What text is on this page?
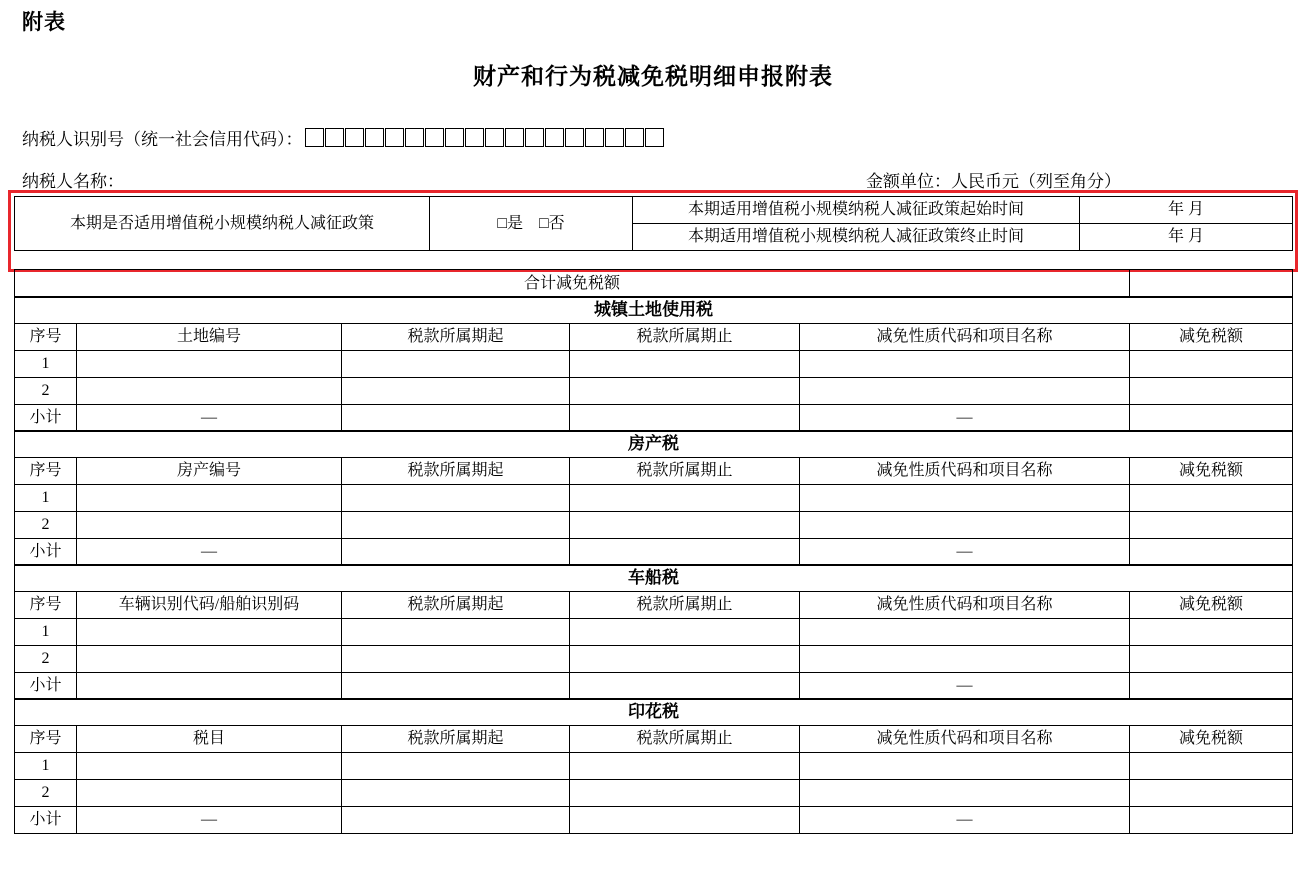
附表
财产和行为税减免税明细申报附表
纳税人识别号（统一社会信用代码）：
纳税人名称：	金额单位：人民币元（列至角分）
本期是否适用增值税小规模纳税人减征政策	□是 □否	本期适用增值税小规模纳税人减征政策起始时间	年 月
		本期适用增值税小规模纳税人减征政策终止时间	年 月
合计减免税额	
城镇土地使用税					
序号	土地编号	税款所属期起	税款所属期止	减免性质代码和项目名称	减免税额
1					
2					
小计	—			—	
房产税					
序号	房产编号	税款所属期起	税款所属期止	减免性质代码和项目名称	减免税额
1					
2					
小计	—			—	
车船税					
序号	车辆识别代码/船舶识别码	税款所属期起	税款所属期止	减免性质代码和项目名称	减免税额
1					
2					
小计				—	
印花税					
序号	税目	税款所属期起	税款所属期止	减免性质代码和项目名称	减免税额
1					
2					
小计	—			—	
